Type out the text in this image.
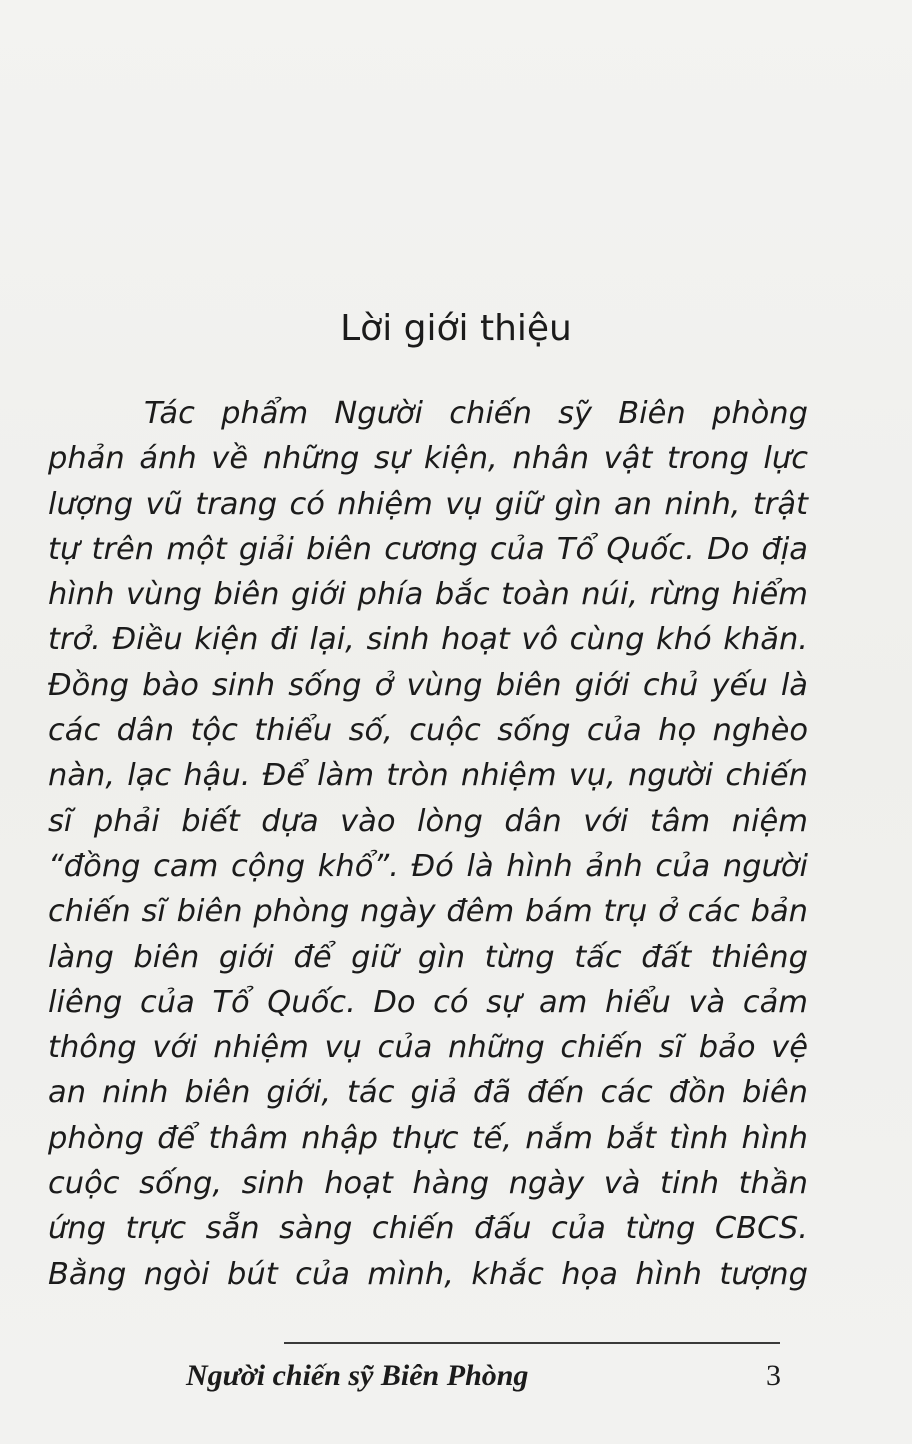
Lời giới thiệu
Tác phẩm Người chiến sỹ Biên phòng
phản ánh về những sự kiện, nhân vật trong lực
lượng vũ trang có nhiệm vụ giữ gìn an ninh, trật
tự trên một giải biên cương của Tổ Quốc. Do địa
hình vùng biên giới phía bắc toàn núi, rừng hiểm
trở. Điều kiện đi lại, sinh hoạt vô cùng khó khăn.
Đồng bào sinh sống ở vùng biên giới chủ yếu là
các dân tộc thiểu số, cuộc sống của họ nghèo
nàn, lạc hậu. Để làm tròn nhiệm vụ, người chiến
sĩ phải biết dựa vào lòng dân với tâm niệm
“đồng cam cộng khổ”. Đó là hình ảnh của người
chiến sĩ biên phòng ngày đêm bám trụ ở các bản
làng biên giới để giữ gìn từng tấc đất thiêng
liêng của Tổ Quốc. Do có sự am hiểu và cảm
thông với nhiệm vụ của những chiến sĩ bảo vệ
an ninh biên giới, tác giả đã đến các đồn biên
phòng để thâm nhập thực tế, nắm bắt tình hình
cuộc sống, sinh hoạt hàng ngày và tinh thần
ứng trực sẵn sàng chiến đấu của từng CBCS.
Bằng ngòi bút của mình, khắc họa hình tượng
Người chiến sỹ Biên Phòng	3
